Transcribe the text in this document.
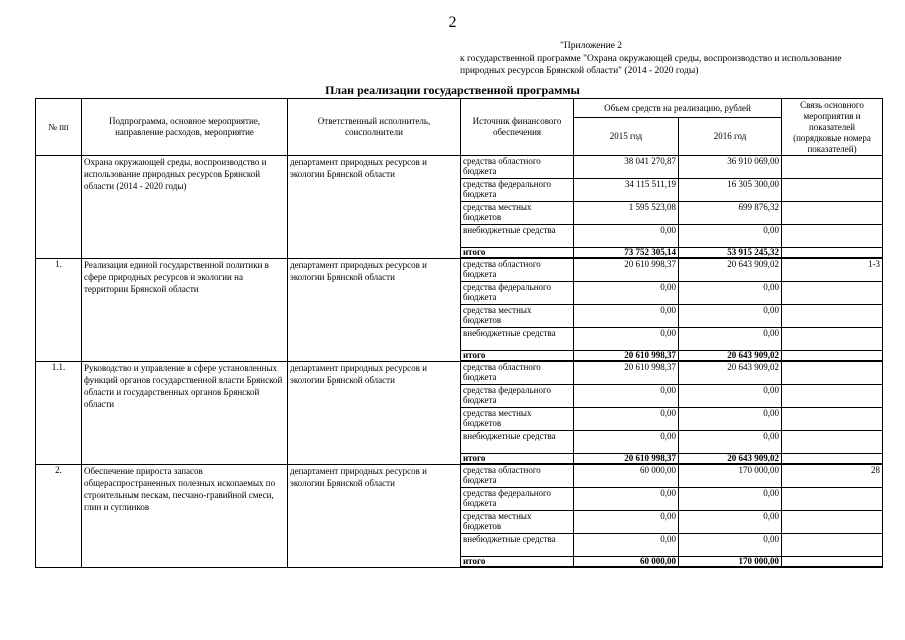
2
"Приложение 2
к государственной программе "Охрана окружающей среды, воспроизводство и использование
природных ресурсов Брянской области" (2014 - 2020 годы)
План реализации государственной программы
№ пп	Подпрограмма, основное мероприятие, направление расходов, мероприятие	Ответственный исполнитель, соисполнители	Источник финансового обеспечения	Объем средств на реализацию, рублей		Связь основного мероприятия и показателей (порядковые номера показателей)
				2015 год	2016 год	
	Охрана окружающей среды, воспроизводство и использование природных ресурсов Брянской области (2014 - 2020 годы)	департамент природных ресурсов и экологии Брянской области	средства областного бюджета	38 041 270,87	36 910 069,00	

			средства федерального бюджета	34 115 511,19	16 305 300,00	

			средства местных бюджетов	1 595 523,08	699 876,32	

			внебюджетные средства	0,00	0,00	
			итого	73 752 305,14	53 915 245,32	
1.	Реализация единой государственной политики в сфере природных ресурсов и экологии на территории Брянской области	департамент природных ресурсов и экологии Брянской области	средства областного бюджета	20 610 998,37	20 643 909,02	1-3

			средства федерального бюджета	0,00	0,00	

			средства местных бюджетов	0,00	0,00	

			внебюджетные средства	0,00	0,00	
			итого	20 610 998,37	20 643 909,02	
1.1.	Руководство и управление в сфере установленных функций органов государственной власти Брянской области и государственных органов Брянской области	департамент природных ресурсов и экологии Брянской области	средства областного бюджета	20 610 998,37	20 643 909,02	

			средства федерального бюджета	0,00	0,00	

			средства местных бюджетов	0,00	0,00	

			внебюджетные средства	0,00	0,00	
			итого	20 610 998,37	20 643 909,02	
2.	Обеспечение прироста запасов общераспространенных полезных ископаемых по строительным пескам, песчано-гравийной смеси, глин и суглинков	департамент природных ресурсов и экологии Брянской области	средства областного бюджета	60 000,00	170 000,00	28

			средства федерального бюджета	0,00	0,00	

			средства местных бюджетов	0,00	0,00	

			внебюджетные средства	0,00	0,00	
			итого	60 000,00	170 000,00	
